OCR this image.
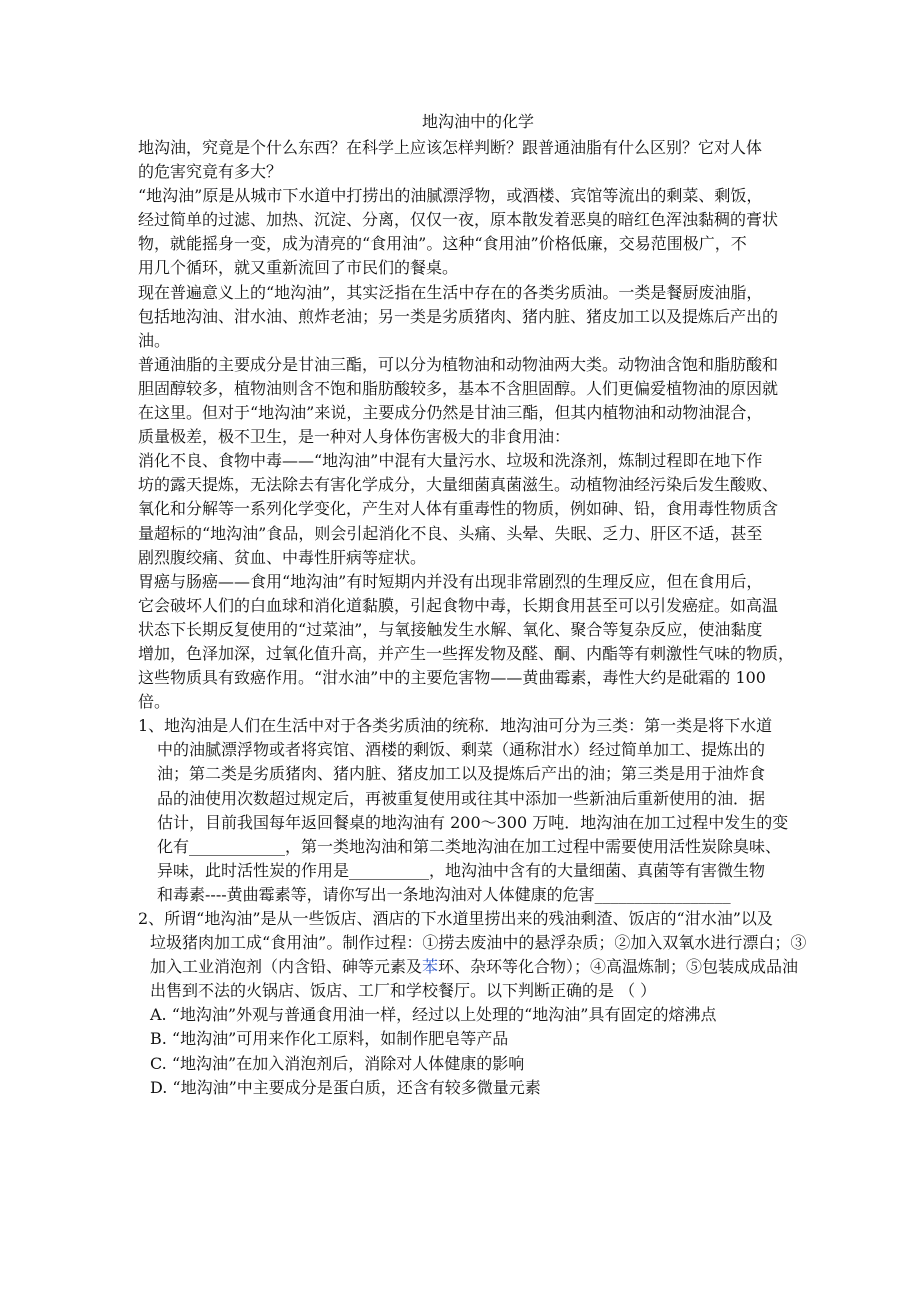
地沟油中的化学
地沟油，究竟是个什么东西？在科学上应该怎样判断？跟普通油脂有什么区别？它对人体
的危害究竟有多大？
“地沟油”原是从城市下水道中打捞出的油腻漂浮物，或酒楼、宾馆等流出的剩菜、剩饭，
经过简单的过滤、加热、沉淀、分离，仅仅一夜，原本散发着恶臭的暗红色浑浊黏稠的膏状
物，就能摇身一变，成为清亮的“食用油”。这种“食用油”价格低廉，交易范围极广，不
用几个循环，就又重新流回了市民们的餐桌。
现在普遍意义上的“地沟油”，其实泛指在生活中存在的各类劣质油。一类是餐厨废油脂，
包括地沟油、泔水油、煎炸老油；另一类是劣质猪肉、猪内脏、猪皮加工以及提炼后产出的
油。
普通油脂的主要成分是甘油三酯，可以分为植物油和动物油两大类。动物油含饱和脂肪酸和
胆固醇较多，植物油则含不饱和脂肪酸较多，基本不含胆固醇。人们更偏爱植物油的原因就
在这里。但对于“地沟油”来说，主要成分仍然是甘油三酯，但其内植物油和动物油混合，
质量极差，极不卫生，是一种对人身体伤害极大的非食用油：
消化不良、食物中毒——“地沟油”中混有大量污水、垃圾和洗涤剂，炼制过程即在地下作
坊的露天提炼，无法除去有害化学成分，大量细菌真菌滋生。动植物油经污染后发生酸败、
氧化和分解等一系列化学变化，产生对人体有重毒性的物质，例如砷、铅，食用毒性物质含
量超标的“地沟油”食品，则会引起消化不良、头痛、头晕、失眠、乏力、肝区不适，甚至
剧烈腹绞痛、贫血、中毒性肝病等症状。
胃癌与肠癌——食用“地沟油”有时短期内并没有出现非常剧烈的生理反应，但在食用后，
它会破坏人们的白血球和消化道黏膜，引起食物中毒，长期食用甚至可以引发癌症。如高温
状态下长期反复使用的“过菜油”，与氧接触发生水解、氧化、聚合等复杂反应，使油黏度
增加，色泽加深，过氧化值升高，并产生一些挥发物及醛、酮、内酯等有刺激性气味的物质，
这些物质具有致癌作用。“泔水油”中的主要危害物——黄曲霉素，毒性大约是砒霜的 100
倍。
1、地沟油是人们在生活中对于各类劣质油的统称．地沟油可分为三类：第一类是将下水道
中的油腻漂浮物或者将宾馆、酒楼的剩饭、剩菜（通称泔水）经过简单加工、提炼出的
油；第二类是劣质猪肉、猪内脏、猪皮加工以及提炼后产出的油；第三类是用于油炸食
品的油使用次数超过规定后，再被重复使用或往其中添加一些新油后重新使用的油．据
估计，目前我国每年返回餐桌的地沟油有 200～300 万吨．地沟油在加工过程中发生的变
化有____________，第一类地沟油和第二类地沟油在加工过程中需要使用活性炭除臭味、
异味，此时活性炭的作用是__________，地沟油中含有的大量细菌、真菌等有害微生物
和毒素----黄曲霉素等，请你写出一条地沟油对人体健康的危害_________________
2、所谓“地沟油”是从一些饭店、酒店的下水道里捞出来的残油剩渣、饭店的“泔水油”以及
垃圾猪肉加工成“食用油”。制作过程：①捞去废油中的悬浮杂质；②加入双氧水进行漂白；③
加入工业消泡剂（内含铅、砷等元素及苯环、杂环等化合物）；④高温炼制；⑤包装成成品油
出售到不法的火锅店、饭店、工厂和学校餐厅。以下判断正确的是 （ ）
A. “地沟油”外观与普通食用油一样，经过以上处理的“地沟油”具有固定的熔沸点
B. “地沟油”可用来作化工原料，如制作肥皂等产品
C. “地沟油”在加入消泡剂后，消除对人体健康的影响
D. “地沟油”中主要成分是蛋白质，还含有较多微量元素
